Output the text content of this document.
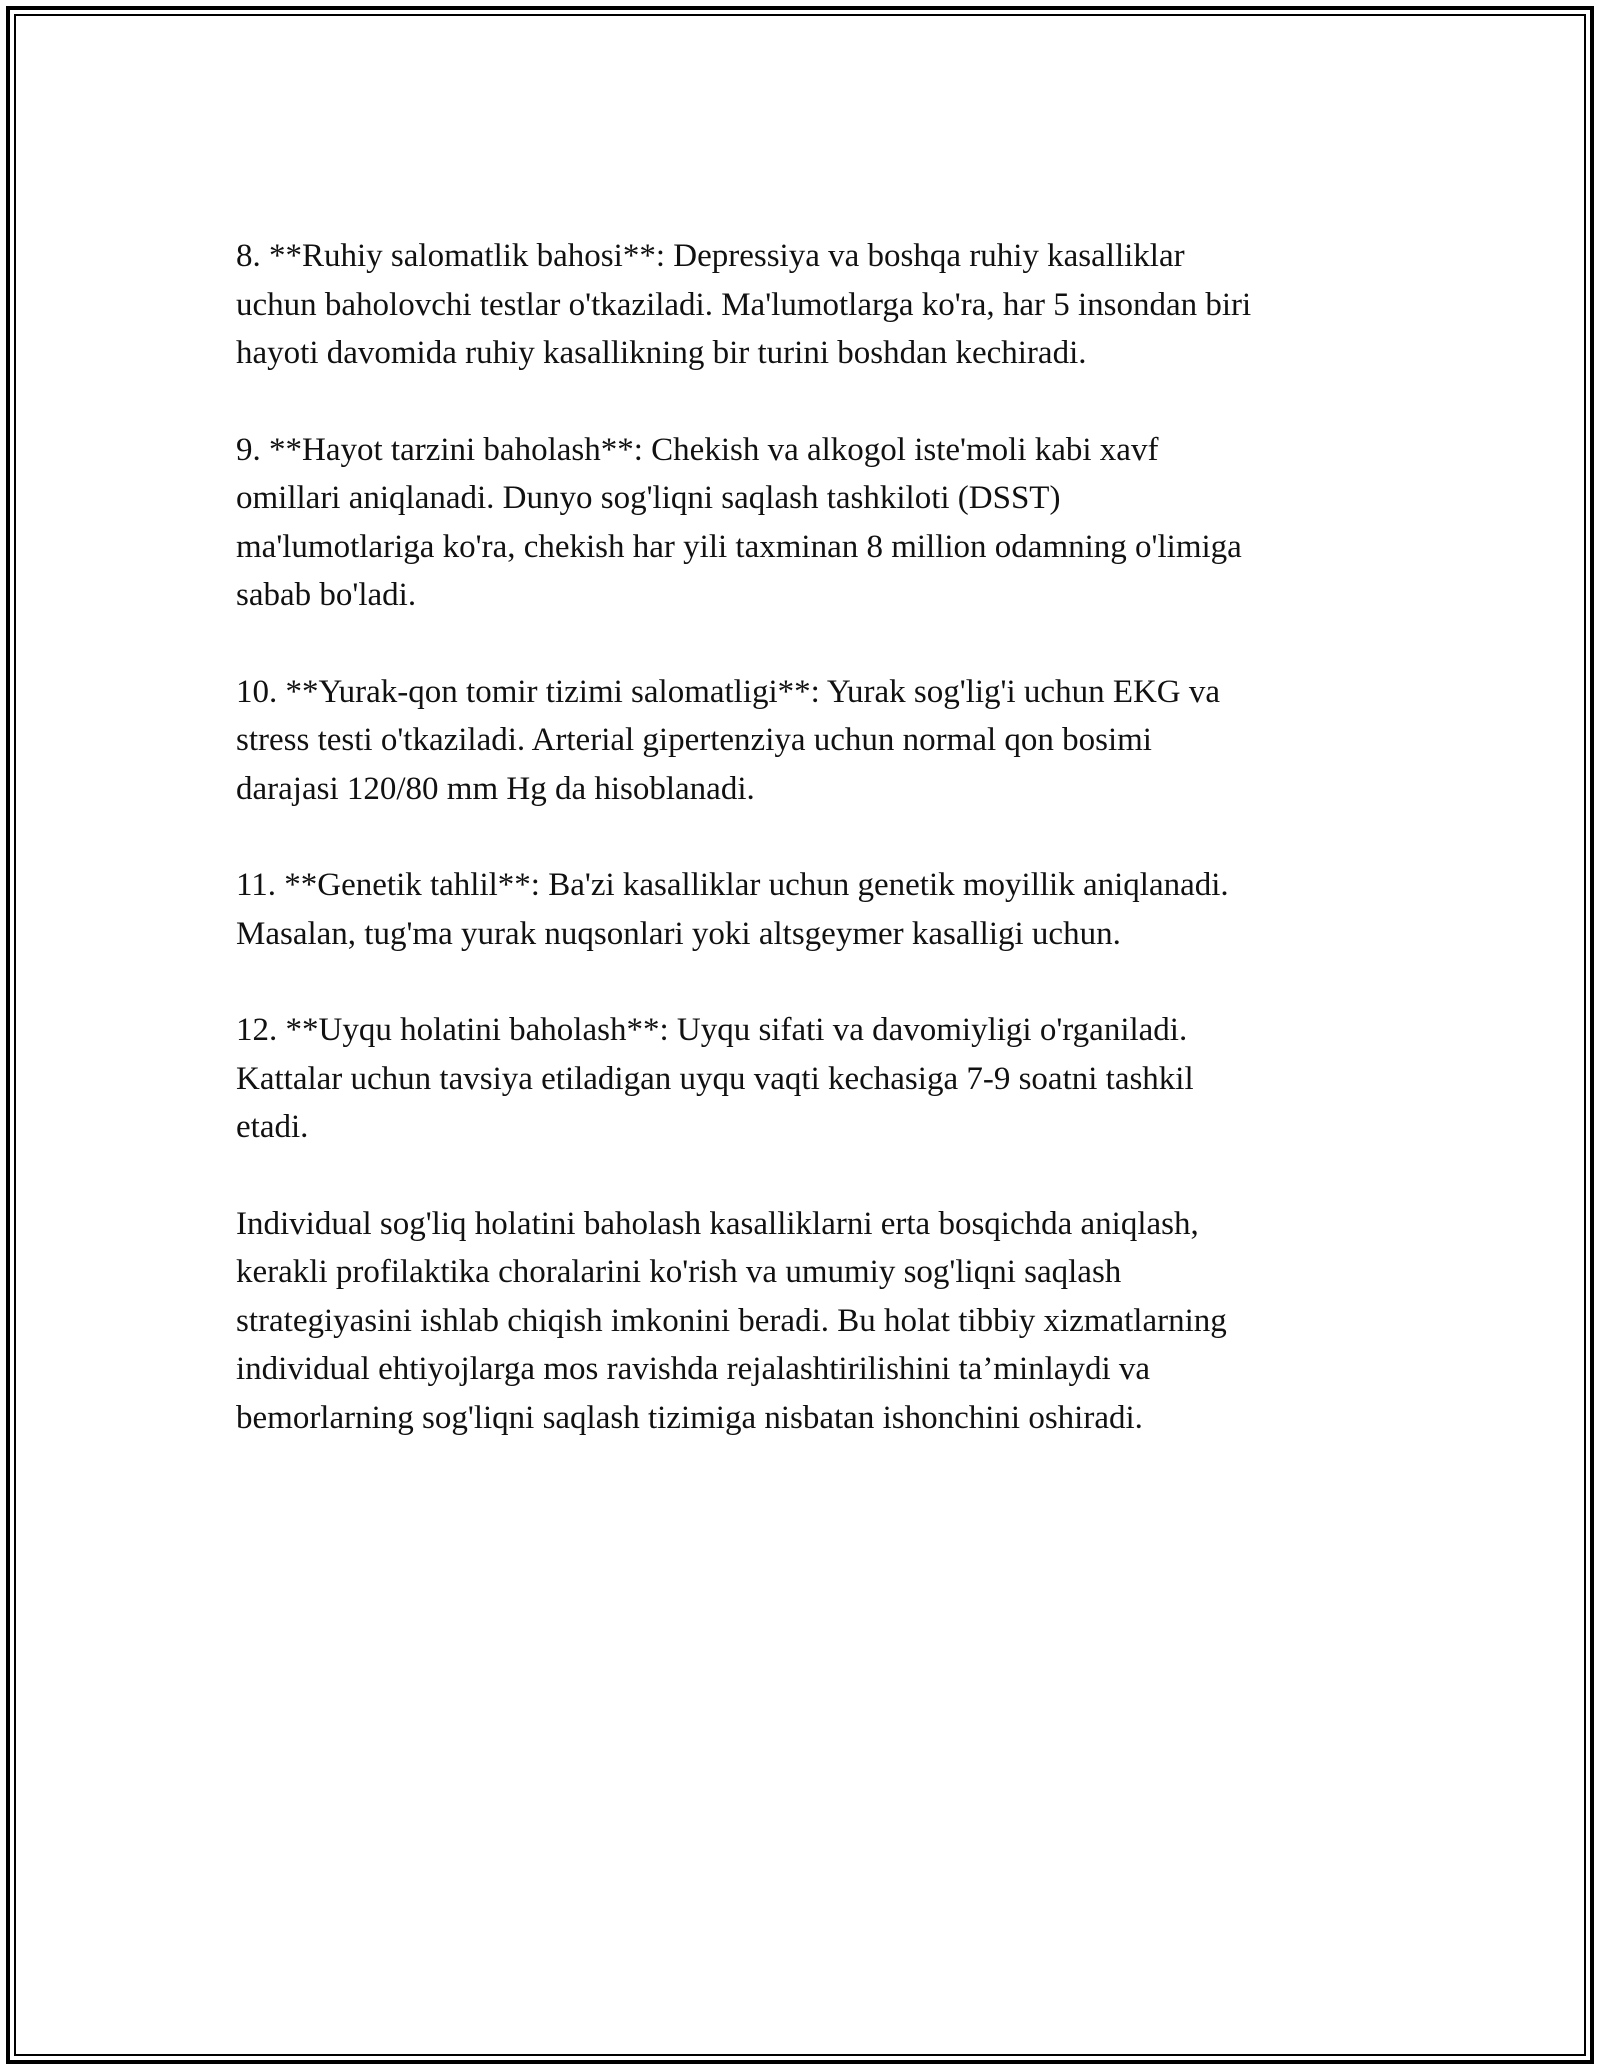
8. **Ruhiy salomatlik bahosi**: Depressiya va boshqa ruhiy kasalliklar
uchun baholovchi testlar o'tkaziladi. Ma'lumotlarga ko'ra, har 5 insondan biri
hayoti davomida ruhiy kasallikning bir turini boshdan kechiradi.

9. **Hayot tarzini baholash**: Chekish va alkogol iste'moli kabi xavf
omillari aniqlanadi. Dunyo sog'liqni saqlash tashkiloti (DSST)
ma'lumotlariga ko'ra, chekish har yili taxminan 8 million odamning o'limiga
sabab bo'ladi.

10. **Yurak-qon tomir tizimi salomatligi**: Yurak sog'lig'i uchun EKG va
stress testi o'tkaziladi. Arterial gipertenziya uchun normal qon bosimi
darajasi 120/80 mm Hg da hisoblanadi.

11. **Genetik tahlil**: Ba'zi kasalliklar uchun genetik moyillik aniqlanadi.
Masalan, tug'ma yurak nuqsonlari yoki altsgeymer kasalligi uchun.

12. **Uyqu holatini baholash**: Uyqu sifati va davomiyligi o'rganiladi.
Kattalar uchun tavsiya etiladigan uyqu vaqti kechasiga 7-9 soatni tashkil
etadi.

Individual sog'liq holatini baholash kasalliklarni erta bosqichda aniqlash,
kerakli profilaktika choralarini ko'rish va umumiy sog'liqni saqlash
strategiyasini ishlab chiqish imkonini beradi. Bu holat tibbiy xizmatlarning
individual ehtiyojlarga mos ravishda rejalashtirilishini ta’minlaydi va
bemorlarning sog'liqni saqlash tizimiga nisbatan ishonchini oshiradi.
